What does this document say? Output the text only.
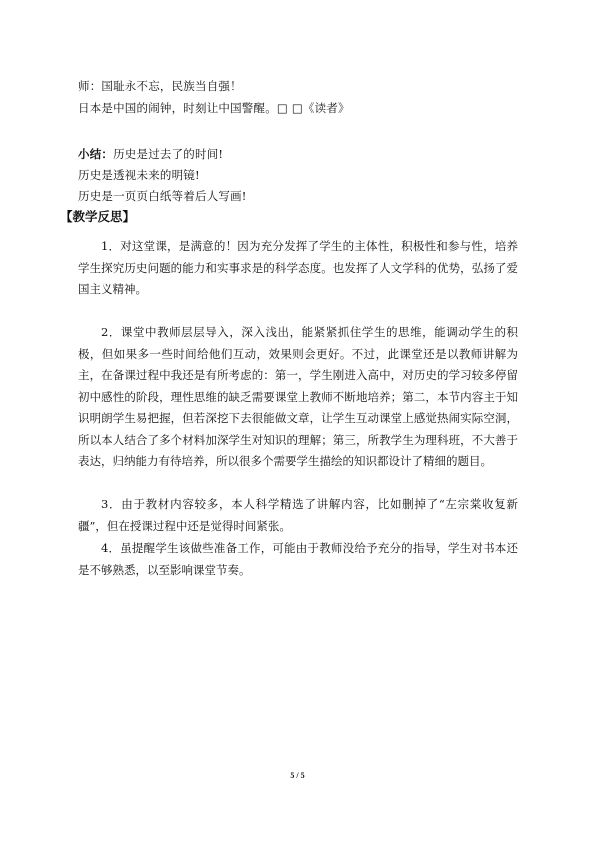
师：国耻永不忘，民族当自强！
日本是中国的闹钟，时刻让中国警醒。□ □《读者》
小结：历史是过去了的时间!
历史是透视未来的明镜!
历史是一页页白纸等着后人写画!
【教学反思】

1．对这堂课，是满意的！因为充分发挥了学生的主体性，积极性和参与性，培养学生探究历史问题的能力和实事求是的科学态度。也发挥了人文学科的优势，弘扬了爱国主义精神。

2．课堂中教师层层导入，深入浅出，能紧紧抓住学生的思维，能调动学生的积极，但如果多一些时间给他们互动，效果则会更好。不过，此课堂还是以教师讲解为主，在备课过程中我还是有所考虑的：第一，学生刚进入高中，对历史的学习较多停留初中感性的阶段，理性思维的缺乏需要课堂上教师不断地培养；第二，本节内容主于知识明朗学生易把握，但若深挖下去很能做文章，让学生互动课堂上感觉热闹实际空洞，所以本人结合了多个材料加深学生对知识的理解；第三，所教学生为理科班，不大善于表达，归纳能力有待培养，所以很多个需要学生描绘的知识都设计了精细的题目。

3．由于教材内容较多，本人科学精选了讲解内容，比如删掉了“左宗棠收复新疆”，但在授课过程中还是觉得时间紧张。

4．虽提醒学生该做些准备工作，可能由于教师没给予充分的指导，学生对书本还是不够熟悉，以至影响课堂节奏。

5 / 5
